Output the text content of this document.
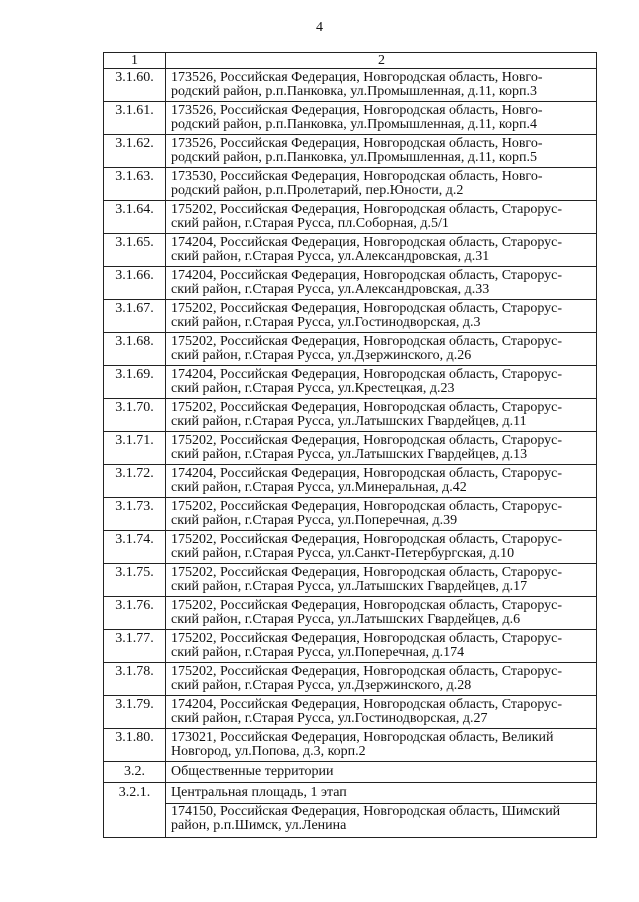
4
1	2
3.1.60.	173526, Российская Федерация, Новгородская область, Новго-
родский район, р.п.Панковка, ул.Промышленная, д.11, корп.3
3.1.61.	173526, Российская Федерация, Новгородская область, Новго-
родский район, р.п.Панковка, ул.Промышленная, д.11, корп.4
3.1.62.	173526, Российская Федерация, Новгородская область, Новго-
родский район, р.п.Панковка, ул.Промышленная, д.11, корп.5
3.1.63.	173530, Российская Федерация, Новгородская область, Новго-
родский район, р.п.Пролетарий, пер.Юности, д.2
3.1.64.	175202, Российская Федерация, Новгородская область, Старорус-
ский район, г.Старая Русса, пл.Соборная, д.5/1
3.1.65.	174204, Российская Федерация, Новгородская область, Старорус-
ский район, г.Старая Русса, ул.Александровская, д.31
3.1.66.	174204, Российская Федерация, Новгородская область, Старорус-
ский район, г.Старая Русса, ул.Александровская, д.33
3.1.67.	175202, Российская Федерация, Новгородская область, Старорус-
ский район, г.Старая Русса, ул.Гостинодворская, д.3
3.1.68.	175202, Российская Федерация, Новгородская область, Старорус-
ский район, г.Старая Русса, ул.Дзержинского, д.26
3.1.69.	174204, Российская Федерация, Новгородская область, Старорус-
ский район, г.Старая Русса, ул.Крестецкая, д.23
3.1.70.	175202, Российская Федерация, Новгородская область, Старорус-
ский район, г.Старая Русса, ул.Латышских Гвардейцев, д.11
3.1.71.	175202, Российская Федерация, Новгородская область, Старорус-
ский район, г.Старая Русса, ул.Латышских Гвардейцев, д.13
3.1.72.	174204, Российская Федерация, Новгородская область, Старорус-
ский район, г.Старая Русса, ул.Минеральная, д.42
3.1.73.	175202, Российская Федерация, Новгородская область, Старорус-
ский район, г.Старая Русса, ул.Поперечная, д.39
3.1.74.	175202, Российская Федерация, Новгородская область, Старорус-
ский район, г.Старая Русса, ул.Санкт-Петербургская, д.10
3.1.75.	175202, Российская Федерация, Новгородская область, Старорус-
ский район, г.Старая Русса, ул.Латышских Гвардейцев, д.17
3.1.76.	175202, Российская Федерация, Новгородская область, Старорус-
ский район, г.Старая Русса, ул.Латышских Гвардейцев, д.6
3.1.77.	175202, Российская Федерация, Новгородская область, Старорус-
ский район, г.Старая Русса, ул.Поперечная, д.174
3.1.78.	175202, Российская Федерация, Новгородская область, Старорус-
ский район, г.Старая Русса, ул.Дзержинского, д.28
3.1.79.	174204, Российская Федерация, Новгородская область, Старорус-
ский район, г.Старая Русса, ул.Гостинодворская, д.27
3.1.80.	173021, Российская Федерация, Новгородская область, Великий
Новгород, ул.Попова, д.3, корп.2
3.2.	Общественные территории
3.2.1.	Центральная площадь, 1 этап
	174150, Российская Федерация, Новгородская область, Шимский
район, р.п.Шимск, ул.Ленина
